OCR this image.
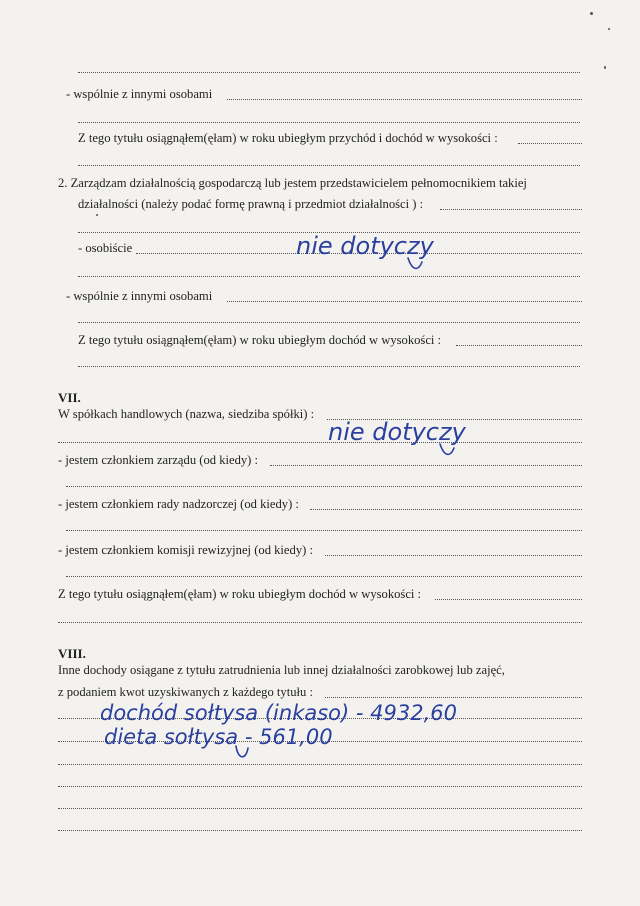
- wspólnie z innymi osobami
Z tego tytułu osiągnąłem(ęłam) w roku ubiegłym przychód i dochód w wysokości :
2. Zarządzam działalnością gospodarczą lub jestem przedstawicielem pełnomocnikiem takiej
działalności (należy podać formę prawną i przedmiot działalności ) :
- osobiście
- wspólnie z innymi osobami
Z tego tytułu osiągnąłem(ęłam) w roku ubiegłym dochód w wysokości :
VII.
W spółkach handlowych (nazwa, siedziba spółki) :
- jestem członkiem zarządu (od kiedy) :
- jestem członkiem rady nadzorczej (od kiedy) :
- jestem członkiem komisji rewizyjnej (od kiedy) :
Z tego tytułu osiągnąłem(ęłam) w roku ubiegłym dochód w wysokości :
VIII.
Inne dochody osiągane z tytułu zatrudnienia lub innej działalności zarobkowej lub zajęć,
z podaniem kwot uzyskiwanych z każdego tytułu :
nie dotyczy
nie dotyczy
dochód sołtysa (inkaso) - 4932,60
dieta sołtysa - 561,00
